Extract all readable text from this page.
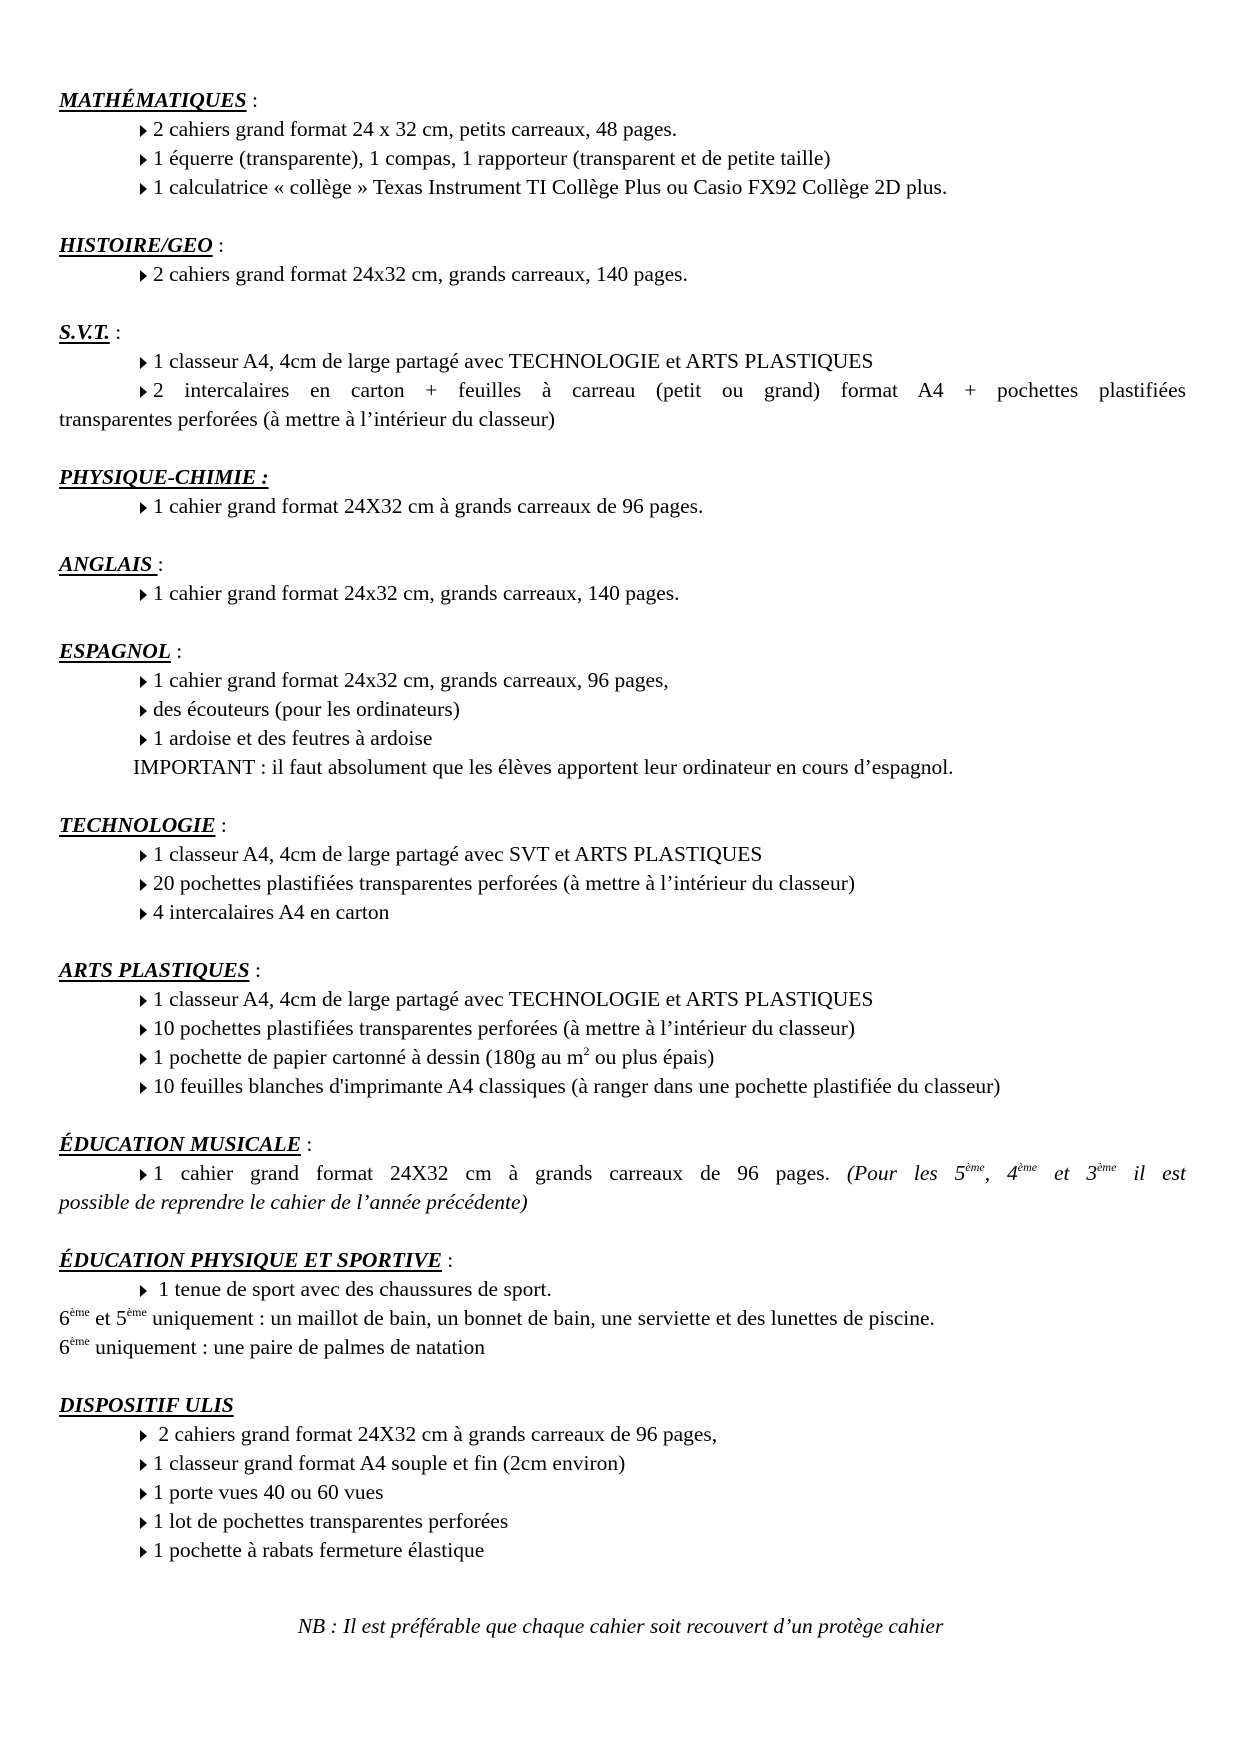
MATHÉMATIQUES :
2 cahiers grand format 24 x 32 cm, petits carreaux, 48 pages.
1 équerre (transparente), 1 compas, 1 rapporteur (transparent et de petite taille)
1 calculatrice « collège » Texas Instrument TI Collège Plus ou Casio FX92 Collège 2D plus.
HISTOIRE/GEO :
2 cahiers grand format 24x32 cm, grands carreaux, 140 pages.
S.V.T. :
1 classeur A4, 4cm de large partagé avec TECHNOLOGIE et ARTS PLASTIQUES
2 intercalaires en carton + feuilles à carreau (petit ou grand) format A4 + pochettes plastifiées
transparentes perforées (à mettre à l’intérieur du classeur)
PHYSIQUE-CHIMIE :
1 cahier grand format 24X32 cm à grands carreaux de 96 pages.
ANGLAIS :
1 cahier grand format 24x32 cm, grands carreaux, 140 pages.
ESPAGNOL :
1 cahier grand format 24x32 cm, grands carreaux, 96 pages,
des écouteurs (pour les ordinateurs)
1 ardoise et des feutres à ardoise
IMPORTANT : il faut absolument que les élèves apportent leur ordinateur en cours d’espagnol.
TECHNOLOGIE :
1 classeur A4, 4cm de large partagé avec SVT et ARTS PLASTIQUES
20 pochettes plastifiées transparentes perforées (à mettre à l’intérieur du classeur)
4 intercalaires A4 en carton
ARTS PLASTIQUES :
1 classeur A4, 4cm de large partagé avec TECHNOLOGIE et ARTS PLASTIQUES
10 pochettes plastifiées transparentes perforées (à mettre à l’intérieur du classeur)
1 pochette de papier cartonné à dessin (180g au $m^2$ ou plus épais)
10 feuilles blanches d'imprimante A4 classiques (à ranger dans une pochette plastifiée du classeur)
ÉDUCATION MUSICALE :
1 cahier grand format 24X32 cm à grands carreaux de 96 pages. (Pour les 5ème, 4ème et 3ème il est
possible de reprendre le cahier de l’année précédente)
ÉDUCATION PHYSIQUE ET SPORTIVE :
1 tenue de sport avec des chaussures de sport.
6ème et 5ème uniquement : un maillot de bain, un bonnet de bain, une serviette et des lunettes de piscine.
6ème uniquement : une paire de palmes de natation
DISPOSITIF ULIS
2 cahiers grand format 24X32 cm à grands carreaux de 96 pages,
1 classeur grand format A4 souple et fin (2cm environ)
1 porte vues 40 ou 60 vues
1 lot de pochettes transparentes perforées
1 pochette à rabats fermeture élastique
NB : Il est préférable que chaque cahier soit recouvert d’un protège cahier
